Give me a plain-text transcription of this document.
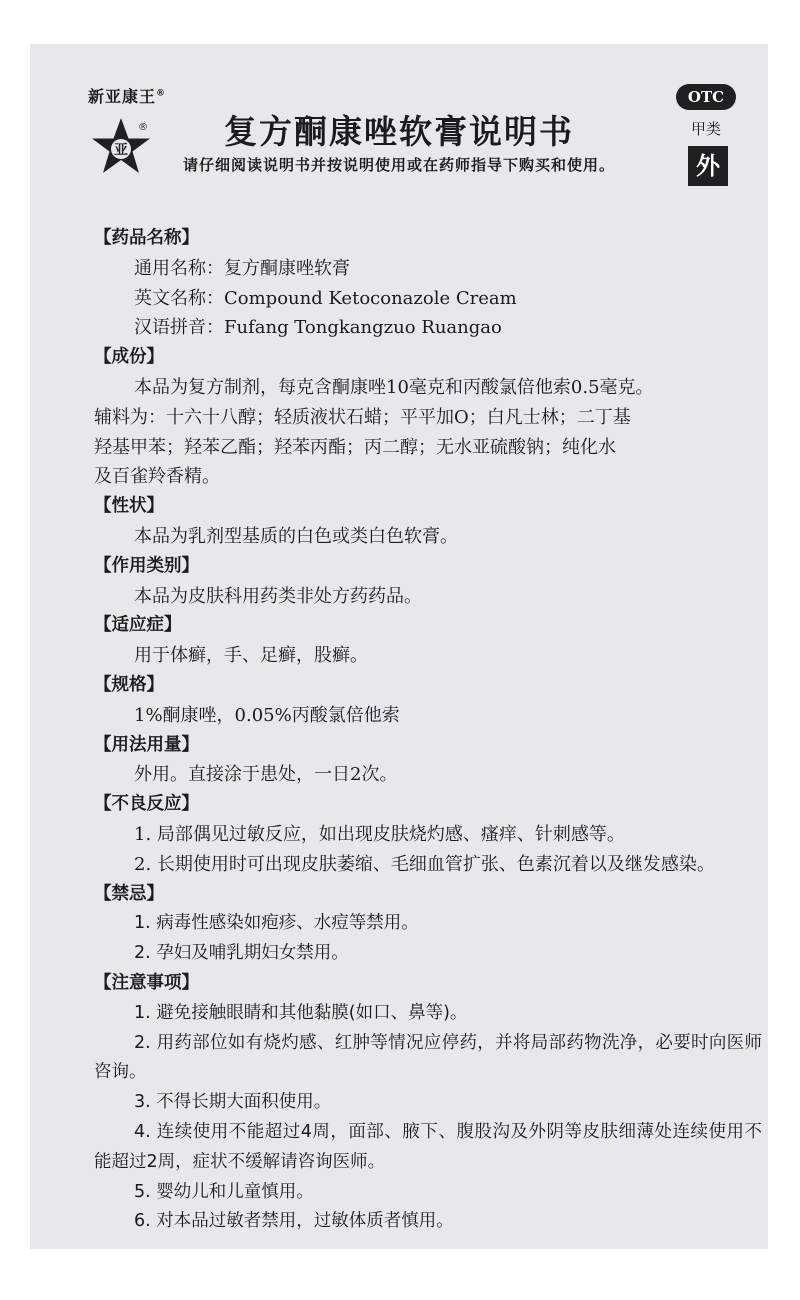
新亚康王®
亚
®	复方酮康唑软膏说明书
请仔细阅读说明书并按说明使用或在药师指导下购买和使用。
OTC
甲类
外

【药品名称】

通用名称：复方酮康唑软膏

英文名称：Compound Ketoconazole Cream

汉语拼音：Fufang Tongkangzuo Ruangao

【成份】

本品为复方制剂，每克含酮康唑10毫克和丙酸氯倍他索0.5毫克。

辅料为：十六十八醇；轻质液状石蜡；平平加O；白凡士林；二丁基

羟基甲苯；羟苯乙酯；羟苯丙酯；丙二醇；无水亚硫酸钠；纯化水

及百雀羚香精。

【性状】

本品为乳剂型基质的白色或类白色软膏。

【作用类别】

本品为皮肤科用药类非处方药药品。

【适应症】

用于体癣，手、足癣，股癣。

【规格】

1%酮康唑，0.05%丙酸氯倍他索

【用法用量】

外用。直接涂于患处，一日2次。

【不良反应】

1. 局部偶见过敏反应，如出现皮肤烧灼感、瘙痒、针刺感等。

2. 长期使用时可出现皮肤萎缩、毛细血管扩张、色素沉着以及继发感染。

【禁忌】

1. 病毒性感染如疱疹、水痘等禁用。

2. 孕妇及哺乳期妇女禁用。

【注意事项】

1. 避免接触眼睛和其他黏膜(如口、鼻等)。

2. 用药部位如有烧灼感、红肿等情况应停药，并将局部药物洗净，必要时向医师咨询。

3. 不得长期大面积使用。

4. 连续使用不能超过4周，面部、腋下、腹股沟及外阴等皮肤细薄处连续使用不能超过2周，症状不缓解请咨询医师。

5. 婴幼儿和儿童慎用。

6. 对本品过敏者禁用，过敏体质者慎用。
